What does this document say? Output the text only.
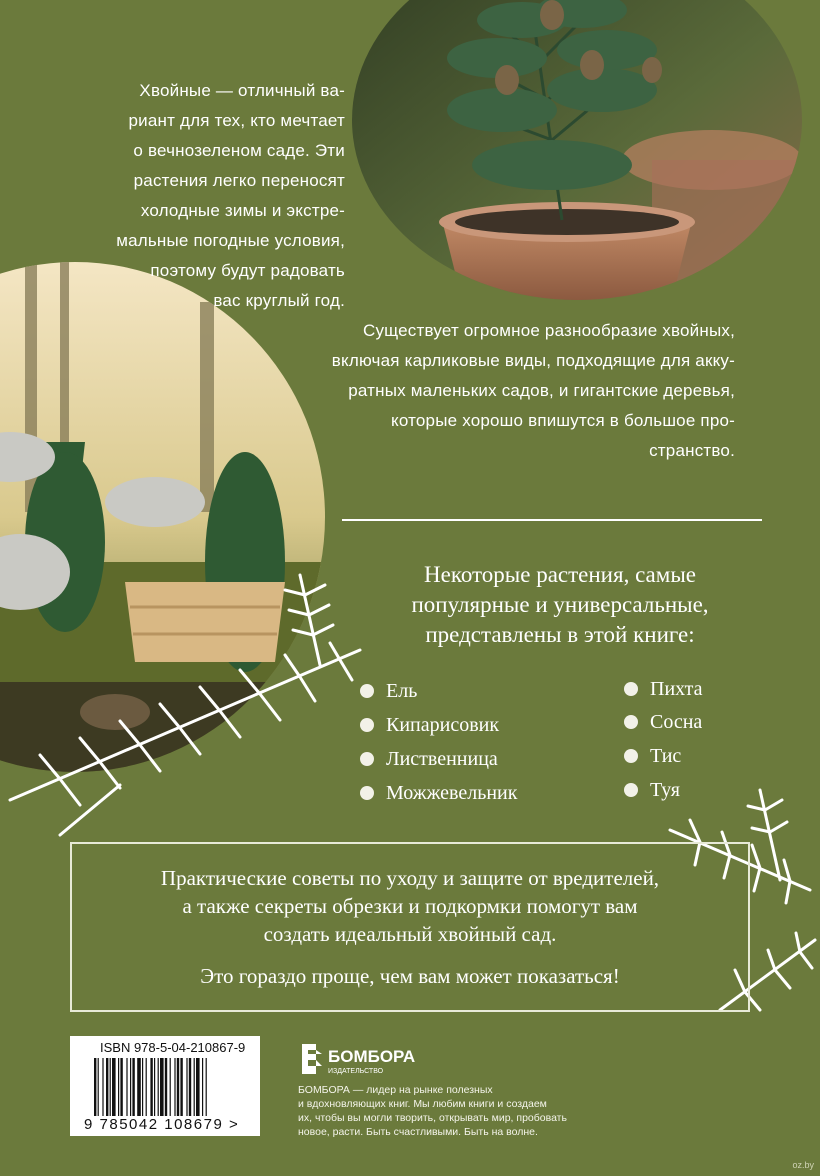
Хвойные — отличный ва-
риант для тех, кто мечтает
о вечнозеленом саде. Эти
растения легко переносят
холодные зимы и экстре-
мальные погодные условия,
поэтому будут радовать
вас круглый год.
Существует огромное разнообразие хвойных,
включая карликовые виды, подходящие для акку-
ратных маленьких садов, и гигантские деревья,
которые хорошо впишутся в большое про-
странство.
Некоторые растения, самые
популярные и универсальные,
представлены в этой книге:
Ель
Кипарисовик
Лиственница
Можжевельник
Пихта
Сосна
Тис
Туя
Практические советы по уходу и защите от вредителей,
а также секреты обрезки и подкормки помогут вам
создать идеальный хвойный сад.
Это гораздо проще, чем вам может показаться!
ISBN 978-5-04-210867-9
9 785042 108679 >
БОМБОРА
ИЗДАТЕЛЬСТВО
БОМБОРА — лидер на рынке полезных
и вдохновляющих книг. Мы любим книги и создаем
их, чтобы вы могли творить, открывать мир, пробовать
новое, расти. Быть счастливыми. Быть на волне.
oz.by
